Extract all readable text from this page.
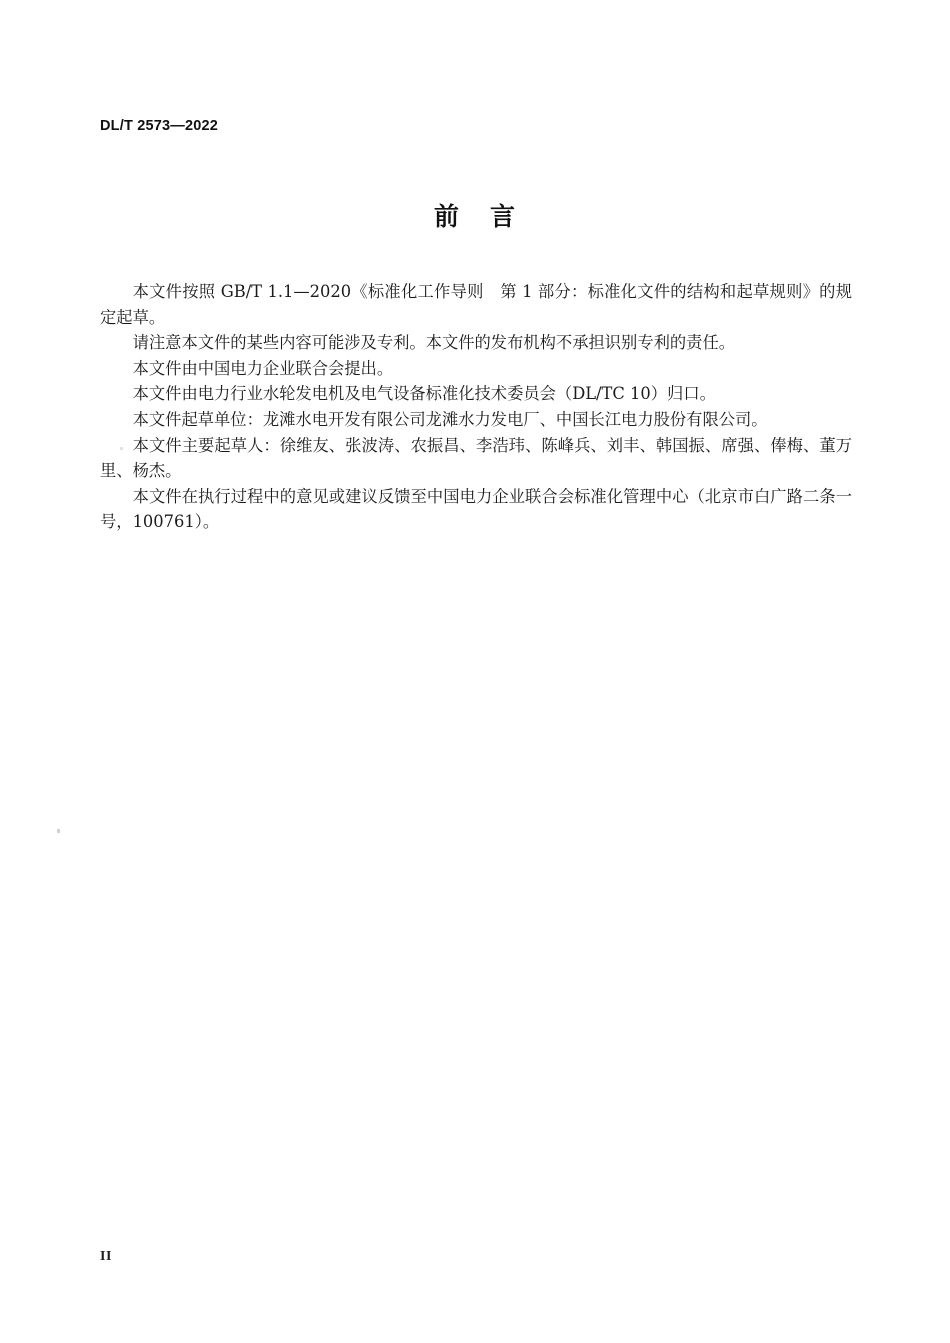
DL/T 2573—2022
前 言

本文件按照 GB/T 1.1—2020《标准化工作导则　第 1 部分：标准化文件的结构和起草规则》的规定起草。

请注意本文件的某些内容可能涉及专利。本文件的发布机构不承担识别专利的责任。

本文件由中国电力企业联合会提出。

本文件由电力行业水轮发电机及电气设备标准化技术委员会（DL/TC 10）归口。

本文件起草单位：龙滩水电开发有限公司龙滩水力发电厂、中国长江电力股份有限公司。

本文件主要起草人：徐维友、张波涛、农振昌、李浩玮、陈峰兵、刘丰、韩国振、席强、俸梅、董万里、杨杰。

本文件在执行过程中的意见或建议反馈至中国电力企业联合会标准化管理中心（北京市白广路二条一号，100761）。

II
